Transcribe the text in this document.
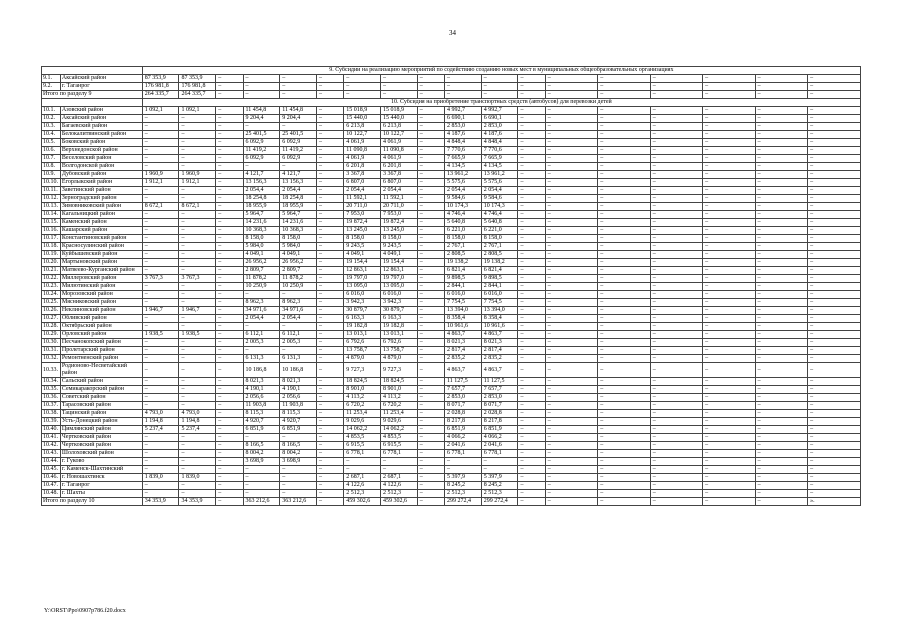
34
		9. Субсидии на реализацию мероприятий по содействию созданию новых мест в муниципальных общеобразовательных организациях																	
9.1.	Аксайский район	87 353,9	87 353,9	–	–	–	–	–	–	–	–	–	–	–	–	–	–	–	–
9.2.	г. Таганрог	176 981,8	176 981,8	–	–	–	–	–	–	–	–	–	–	–	–	–	–	–	–
Итого по разделу 9		264 335,7	264 335,7	–	–	–	–	–	–	–	–	–	–	–	–	–	–	–	–
		10. Субсидия на приобретение транспортных средств (автобусов) для перевозки детей																	
10.1.	Азовский район	1 092,1	1 092,1	–	11 454,8	11 454,8	–	15 018,9	15 018,9	–	4 992,7	4 992,7	–	–	–	–	–	–	–
10.2.	Аксайский район	–	–	–	9 204,4	9 204,4	–	15 440,0	15 440,0	–	6 690,1	6 690,1	–	–	–	–	–	–	–
10.3.	Багаевский район	–	–	–	–	–	–	6 213,8	6 213,8	–	2 853,0	2 853,0	–	–	–	–	–	–	–
10.4.	Белокалитвинский район	–	–	–	25 401,5	25 401,5	–	10 122,7	10 122,7	–	4 187,6	4 187,6	–	–	–	–	–	–	–
10.5.	Боковский район	–	–	–	6 092,9	6 092,9	–	4 061,9	4 061,9	–	4 848,4	4 848,4	–	–	–	–	–	–	–
10.6.	Верхнедонской район	–	–	–	11 419,2	11 419,2	–	11 090,8	11 090,8	–	7 770,6	7 770,6	–	–	–	–	–	–	–
10.7.	Веселовский район	–	–	–	6 092,9	6 092,9	–	4 061,9	4 061,9	–	7 665,9	7 665,9	–	–	–	–	–	–	–
10.8.	Волгодонской район	–	–	–	–	–	–	6 201,8	6 201,8	–	4 134,5	4 134,5	–	–	–	–	–	–	–
10.9.	Дубовский район	1 960,9	1 960,9	–	4 121,7	4 121,7	–	3 367,8	3 367,8	–	13 961,2	13 961,2	–	–	–	–	–	–	–
10.10.	Егорлыкский район	1 912,1	1 912,1	–	13 156,3	13 156,3	–	6 807,0	6 807,0	–	5 575,6	5 575,6	–	–	–	–	–	–	–
10.11.	Заветинский район	–	–	–	2 054,4	2 054,4	–	2 054,4	2 054,4	–	2 054,4	2 054,4	–	–	–	–	–	–	–
10.12.	Зерноградский район	–	–	–	18 254,8	18 254,8	–	11 592,1	11 592,1	–	9 584,6	9 584,6	–	–	–	–	–	–	–
10.13.	Зимовниковский район	8 672,1	8 672,1	–	18 955,9	18 955,9	–	20 711,0	20 711,0	–	10 174,3	10 174,3	–	–	–	–	–	–	–
10.14.	Кагальницкий район	–	–	–	5 964,7	5 964,7	–	7 953,0	7 953,0	–	4 746,4	4 746,4	–	–	–	–	–	–	–
10.15.	Каменский район	–	–	–	14 231,6	14 231,6	–	19 872,4	19 872,4	–	5 640,8	5 640,8	–	–	–	–	–	–	–
10.16.	Кашарский район	–	–	–	10 368,3	10 368,3	–	13 245,0	13 245,0	–	6 221,0	6 221,0	–	–	–	–	–	–	–
10.17.	Константиновский район	–	–	–	8 158,0	8 158,0	–	8 158,0	8 158,0	–	8 158,0	8 158,0	–	–	–	–	–	–	–
10.18.	Красносулинский район	–	–	–	5 984,0	5 984,0	–	9 243,5	9 243,5	–	2 767,1	2 767,1	–	–	–	–	–	–	–
10.19.	Куйбышевский район	–	–	–	4 049,1	4 049,1	–	4 049,1	4 049,1	–	2 808,5	2 808,5	–	–	–	–	–	–	–
10.20.	Мартыновский район	–	–	–	26 956,2	26 956,2	–	19 154,4	19 154,4	–	19 138,2	19 138,2	–	–	–	–	–	–	–
10.21.	Матвеево-Курганский район	–	–	–	2 809,7	2 809,7	–	12 863,1	12 863,1	–	6 821,4	6 821,4	–	–	–	–	–	–	–
10.22.	Миллеровский район	3 767,3	3 767,3	–	11 878,2	11 878,2	–	19 797,0	19 797,0	–	9 898,5	9 898,5	–	–	–	–	–	–	–
10.23.	Милютинский район	–	–	–	10 250,9	10 250,9	–	13 095,0	13 095,0	–	2 844,1	2 844,1	–	–	–	–	–	–	–
10.24.	Морозовский район	–	–	–	–	–	–	6 016,0	6 016,0	–	6 016,0	6 016,0	–	–	–	–	–	–	–
10.25.	Мясниковский район	–	–	–	8 962,3	8 962,3	–	3 942,3	3 942,3	–	7 754,5	7 754,5	–	–	–	–	–	–	–
10.26.	Неклиновский район	1 946,7	1 946,7	–	34 971,6	34 971,6	–	30 879,7	30 879,7	–	13 394,0	13 394,0	–	–	–	–	–	–	–
10.27.	Обливский район	–	–	–	2 054,4	2 054,4	–	6 163,3	6 163,3	–	8 358,4	8 358,4	–	–	–	–	–	–	–
10.28.	Октябрьский район	–	–	–	–	–	–	19 182,8	19 182,8	–	10 961,6	10 961,6	–	–	–	–	–	–	–
10.29.	Орловский район	1 938,5	1 938,5	–	6 112,1	6 112,1	–	13 013,1	13 013,1	–	4 863,7	4 863,7	–	–	–	–	–	–	–
10.30.	Песчанокопский район	–	–	–	2 005,3	2 005,3	–	6 792,6	6 792,6	–	8 021,3	8 021,3	–	–	–	–	–	–	–
10.31.	Пролетарский район	–	–	–	–	–	–	13 758,7	13 758,7	–	2 817,4	2 817,4	–	–	–	–	–	–	–
10.32.	Ремонтненский район	–	–	–	6 131,3	6 131,3	–	4 879,0	4 879,0	–	2 835,2	2 835,2	–	–	–	–	–	–	–
10.33.	Родионово-Несветайский район	–	–	–	10 186,8	10 186,8	–	9 727,3	9 727,3	–	4 863,7	4 863,7	–	–	–	–	–	–	–
10.34.	Сальский район	–	–	–	8 021,3	8 021,3	–	18 824,5	18 824,5	–	11 127,5	11 127,5	–	–	–	–	–	–	–
10.35.	Семикаракорский район	–	–	–	4 190,1	4 190,1	–	8 901,0	8 901,0	–	7 657,7	7 657,7	–	–	–	–	–	–	–
10.36.	Советский район	–	–	–	2 056,6	2 056,6	–	4 113,2	4 113,2	–	2 853,0	2 853,0	–	–	–	–	–	–	–
10.37.	Тарасовский район	–	–	–	11 903,8	11 903,8	–	6 720,2	6 720,2	–	8 071,7	8 071,7	–	–	–	–	–	–	–
10.38.	Тацинский район	4 793,0	4 793,0	–	8 115,3	8 115,3	–	11 253,4	11 253,4	–	2 028,8	2 028,8	–	–	–	–	–	–	–
10.39.	Усть-Донецкий район	1 194,8	1 194,8	–	4 920,7	4 920,7	–	9 029,6	9 029,6	–	8 217,8	8 217,8	–	–	–	–	–	–	–
10.40.	Цимлянский район	5 237,4	5 237,4	–	6 851,9	6 851,9	–	14 062,2	14 062,2	–	6 851,9	6 851,9	–	–	–	–	–	–	–
10.41.	Чертковский район	–	–	–	–	–	–	4 853,5	4 853,5	–	4 066,2	4 066,2	–	–	–	–	–	–	–
10.42.	Чертковский район	–	–	–	8 166,5	8 166,5	–	6 915,5	6 915,5	–	2 041,6	2 041,6	–	–	–	–	–	–	–
10.43.	Шолоховский район	–	–	–	8 004,2	8 004,2	–	6 778,1	6 778,1	–	6 778,1	6 778,1	–	–	–	–	–	–	–
10.44.	г. Гуково	–	–	–	3 698,9	3 698,9	–	–	–	–	–	–	–	–	–	–	–	–	–
10.45.	г. Каменск-Шахтинский	–	–	–	–	–	–	–	–	–	–	–	–	–	–	–	–	–	–
10.46.	г. Новошахтинск	1 839,0	1 839,0	–	–	–	–	2 687,1	2 687,1	–	5 397,9	5 397,9	–	–	–	–	–	–	–
10.47.	г. Таганрог	–	–	–	–	–	–	4 122,6	4 122,6	–	8 245,2	8 245,2	–	–	–	–	–	–	–
10.48.	г. Шахты	–	–	–	–	–	–	2 512,3	2 512,3	–	2 512,3	2 512,3	–	–	–	–	–	–	–
Итого по разделу 10		34 353,9	34 353,9	–	363 212,6	363 212,6	–	459 302,6	459 302,6	–	299 272,4	299 272,4	–	–	–	–	–	–	».
Y:\ORST\Ppo\0907p786.f20.docx
